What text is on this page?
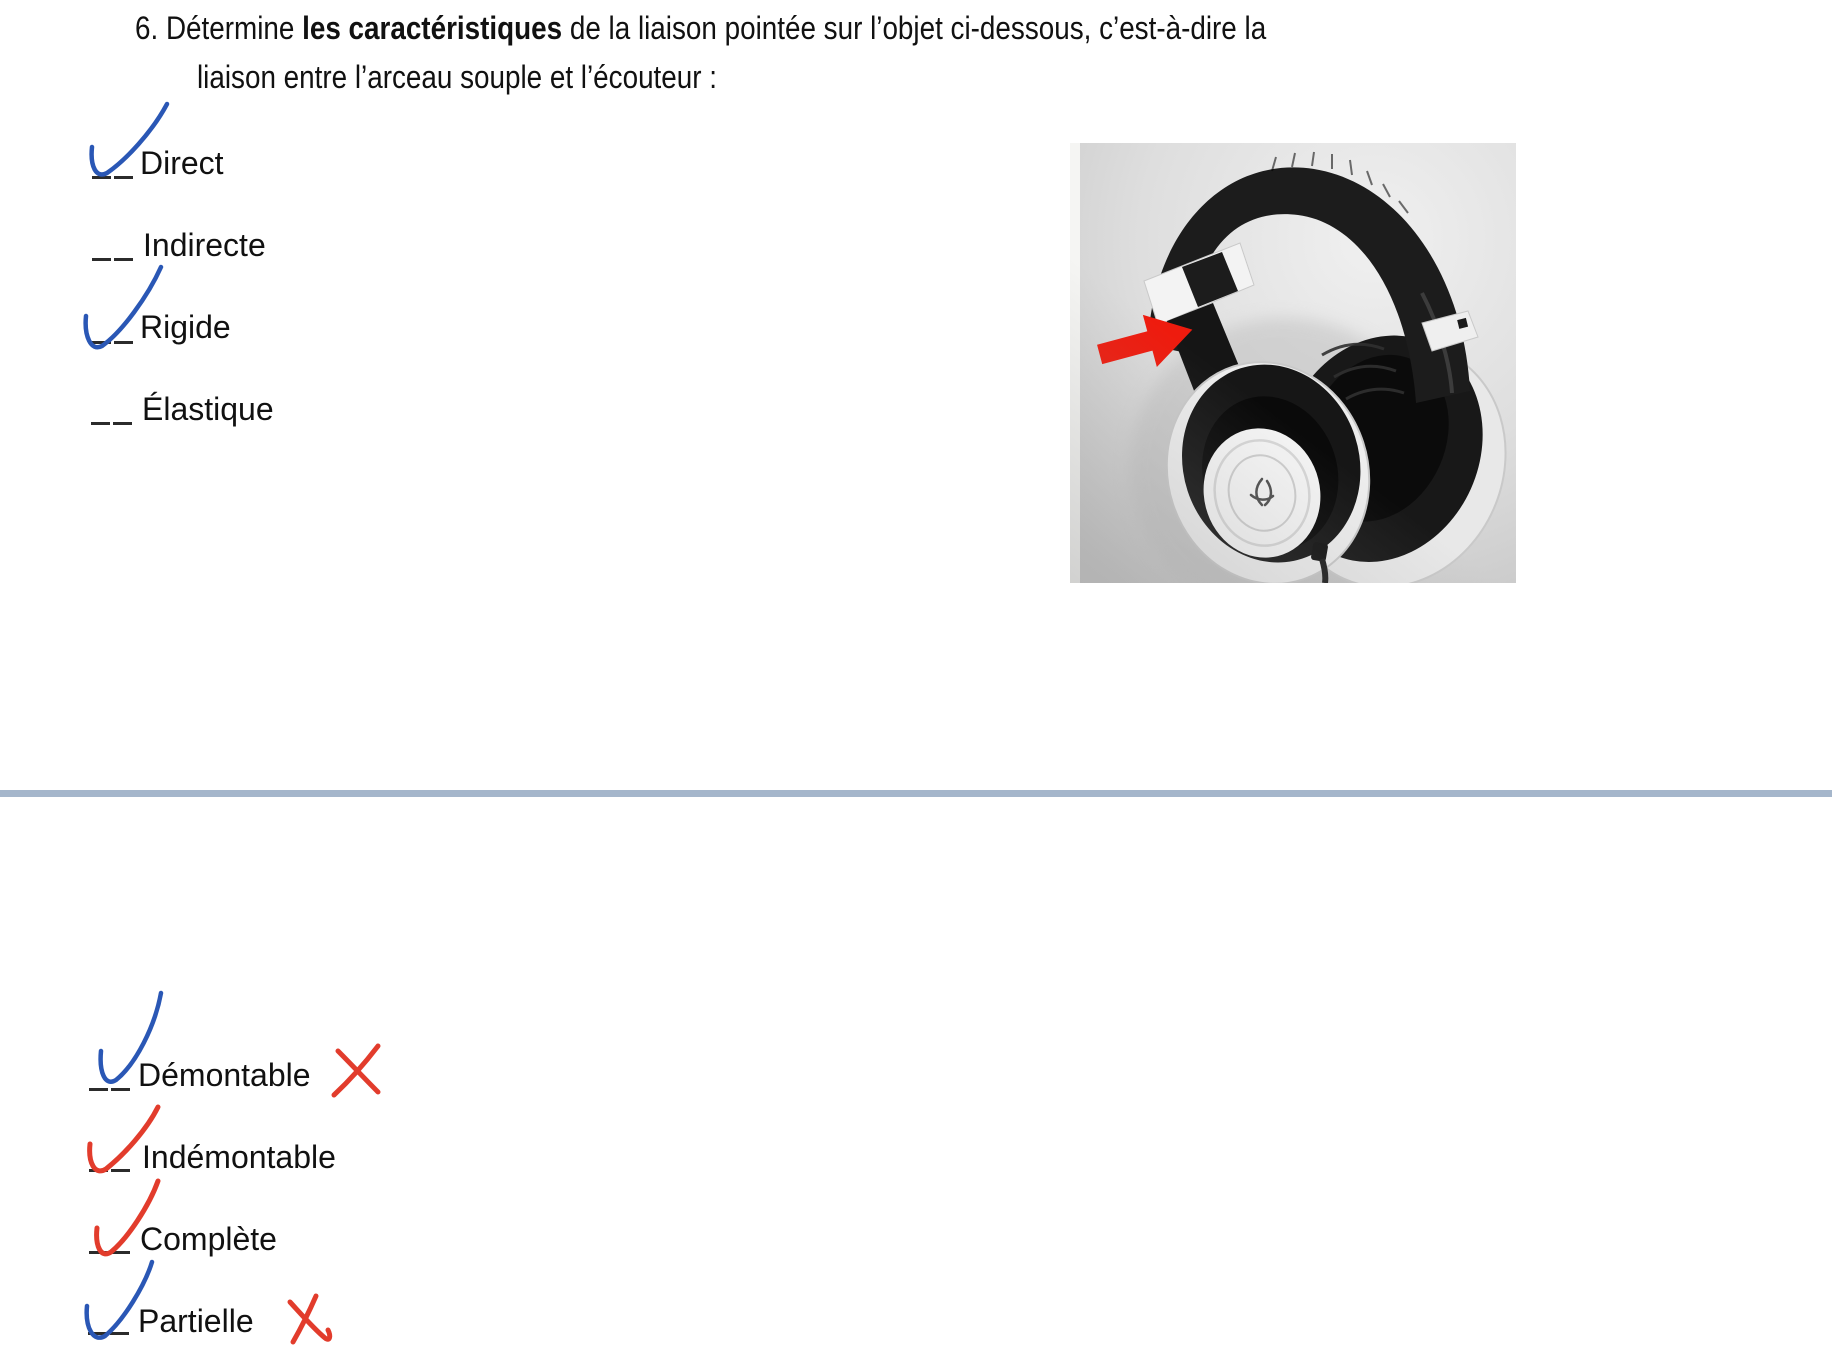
6. Détermine les caractéristiques de la liaison pointée sur l’objet ci-dessous, c’est-à-dire la
liaison entre l’arceau souple et l’écouteur :
Direct
Indirecte
Rigide
Élastique
Démontable
Indémontable
Complète
Partielle
